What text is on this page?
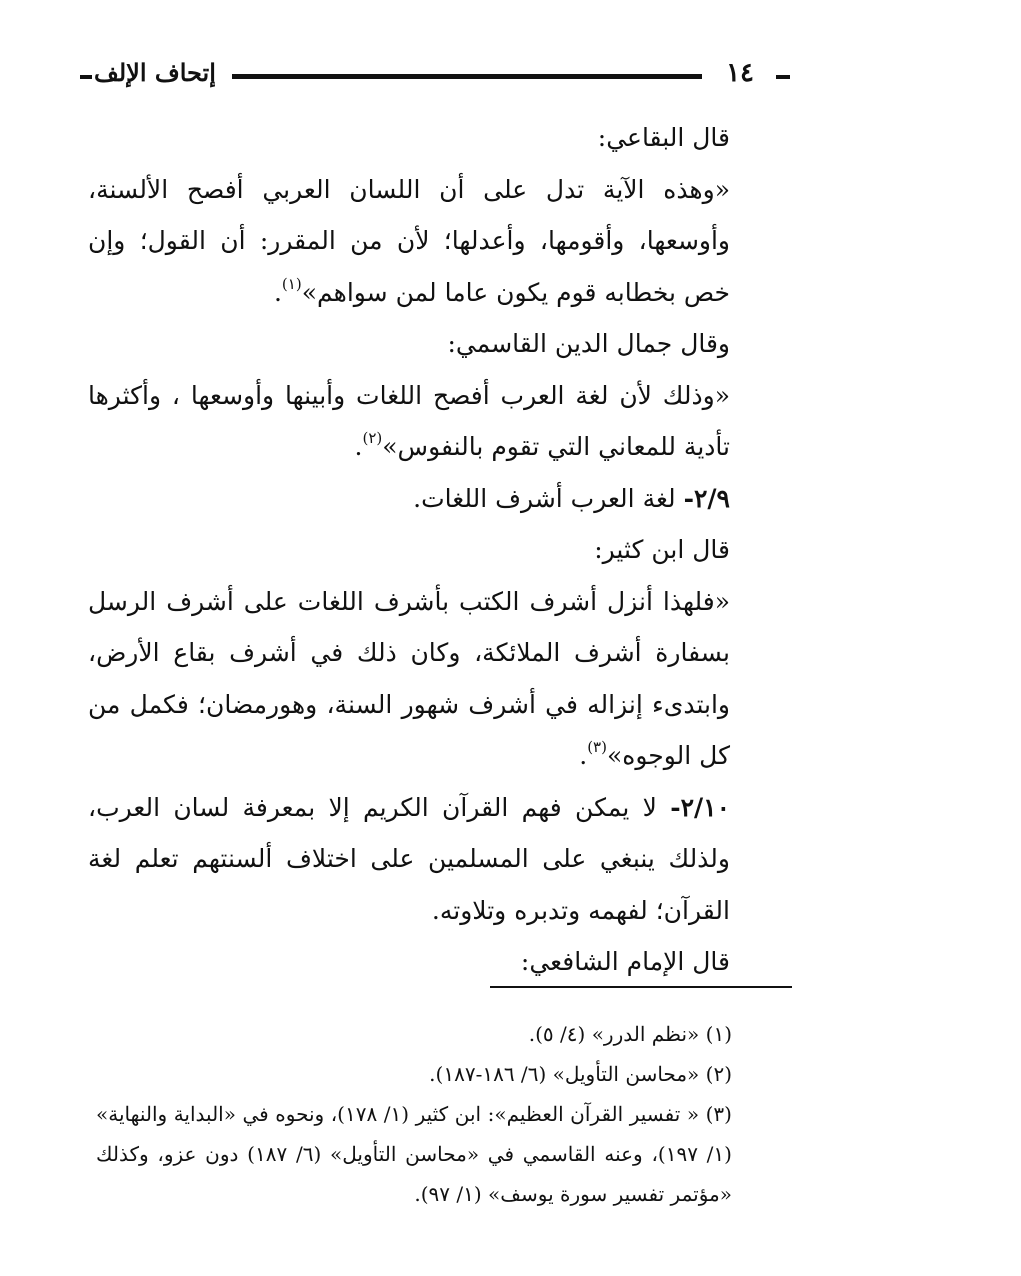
١٤
إتحاف الإلف

قال البقاعي:

«وهذه الآية تدل على أن اللسان العربي أفصح الألسنة، وأوسعها، وأقومها، وأعدلها؛ لأن من المقرر: أن القول؛ وإن خص بخطابه قوم يكون عاما لمن سواهم»$^{(١)}$.

وقال جمال الدين القاسمي:

«وذلك لأن لغة العرب أفصح اللغات وأبينها وأوسعها ، وأكثرها تأدية للمعاني التي تقوم بالنفوس»$^{(٢)}$.

٢/٩- لغة العرب أشرف اللغات.

قال ابن كثير:

«فلهذا أنزل أشرف الكتب بأشرف اللغات على أشرف الرسل بسفارة أشرف الملائكة، وكان ذلك في أشرف بقاع الأرض، وابتدىء إنزاله في أشرف شهور السنة، وهورمضان؛ فكمل من كل الوجوه»$^{(٣)}$.

٢/١٠- لا يمكن فهم القرآن الكريم إلا بمعرفة لسان العرب، ولذلك ينبغي على المسلمين على اختلاف ألسنتهم تعلم لغة القرآن؛ لفهمه وتدبره وتلاوته.

قال الإمام الشافعي:

(١) «نظم الدرر» (٤/ ٥).

(٢) «محاسن التأويل» (٦/ ١٨٦-١٨٧).

(٣) « تفسير القرآن العظيم»: ابن كثير (١/ ١٧٨)، ونحوه في «البداية والنهاية» (١/ ١٩٧)، وعنه القاسمي في «محاسن التأويل» (٦/ ١٨٧) دون عزو، وكذلك «مؤتمر تفسير سورة يوسف» (١/ ٩٧).
